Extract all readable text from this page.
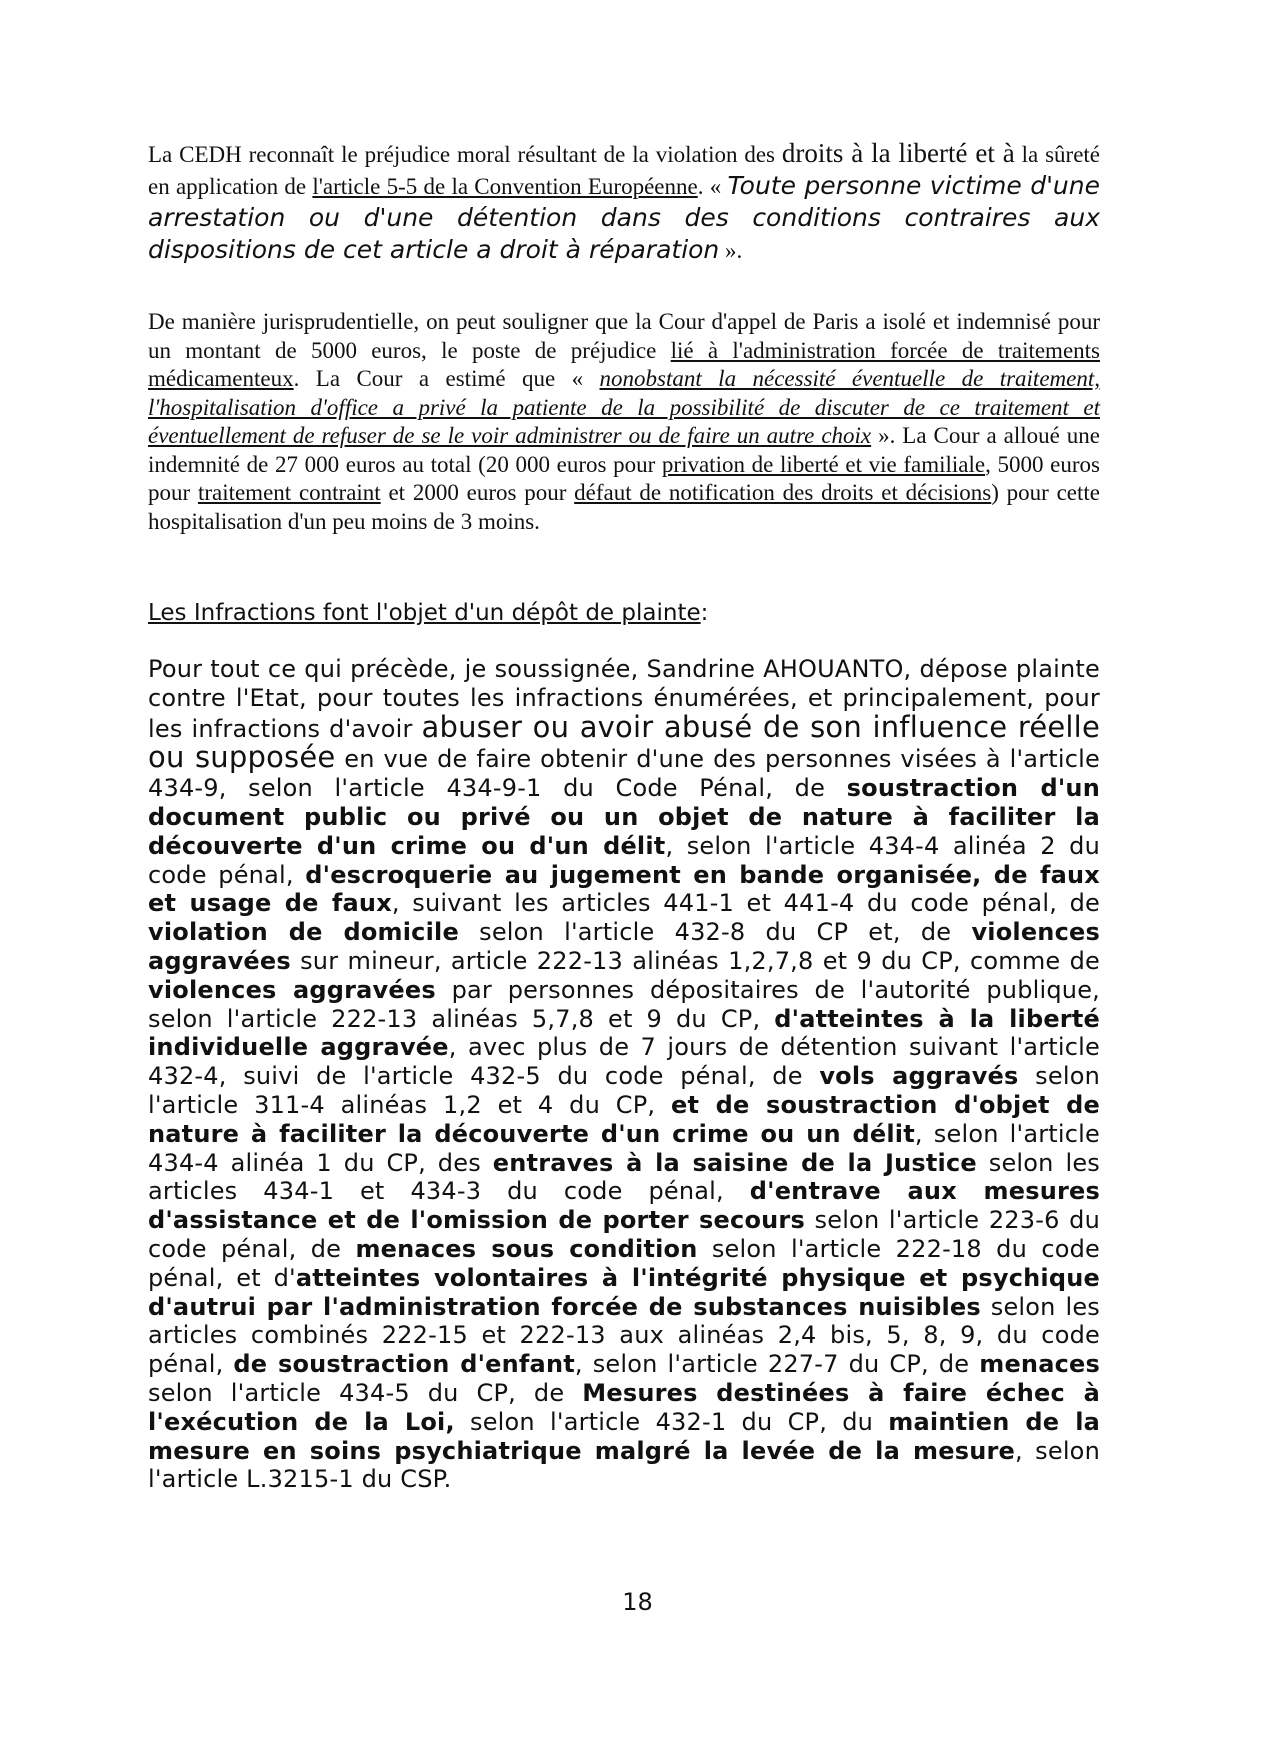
La CEDH reconnaît le préjudice moral résultant de la violation des droits à la liberté et à la sûreté en application de l'article 5-5 de la Convention Européenne. « Toute personne victime d'une arrestation ou d'une détention dans des conditions contraires aux dispositions de cet article a droit à réparation ».

De manière jurisprudentielle, on peut souligner que la Cour d'appel de Paris a isolé et indemnisé pour un montant de 5000 euros, le poste de préjudice lié à l'administration forcée de traitements médicamenteux. La Cour a estimé que « nonobstant la nécessité éventuelle de traitement, l'hospitalisation d'office a privé la patiente de la possibilité de discuter de ce traitement et éventuellement de refuser de se le voir administrer ou de faire un autre choix ». La Cour a alloué une indemnité de 27 000 euros au total (20 000 euros pour privation de liberté et vie familiale, 5000 euros pour traitement contraint et 2000 euros pour défaut de notification des droits et décisions) pour cette hospitalisation d'un peu moins de 3 moins.

Les Infractions font l'objet d'un dépôt de plainte:

Pour tout ce qui précède, je soussignée, Sandrine AHOUANTO, dépose plainte contre l'Etat, pour toutes les infractions énumérées, et principalement, pour les infractions d'avoir abuser ou avoir abusé de son influence réelle ou supposée en vue de faire obtenir d'une des personnes visées à l'article 434-9, selon l'article 434-9-1 du Code Pénal, de soustraction d'un document public ou privé ou un objet de nature à faciliter la découverte d'un crime ou d'un délit, selon l'article 434-4 alinéa 2 du code pénal, d'escroquerie au jugement en bande organisée, de faux et usage de faux, suivant les articles 441-1 et 441-4 du code pénal, de violation de domicile selon l'article 432-8 du CP et, de violences aggravées sur mineur, article 222-13 alinéas 1,2,7,8 et 9 du CP, comme de violences aggravées par personnes dépositaires de l'autorité publique, selon l'article 222-13 alinéas 5,7,8 et 9 du CP, d'atteintes à la liberté individuelle aggravée, avec plus de 7 jours de détention suivant l'article 432-4, suivi de l'article 432-5 du code pénal, de vols aggravés selon l'article 311-4 alinéas 1,2 et 4 du CP, et de soustraction d'objet de nature à faciliter la découverte d'un crime ou un délit, selon l'article 434-4 alinéa 1 du CP, des entraves à la saisine de la Justice selon les articles 434-1 et 434-3 du code pénal, d'entrave aux mesures d'assistance et de l'omission de porter secours selon l'article 223-6 du code pénal, de menaces sous condition selon l'article 222-18 du code pénal, et d'atteintes volontaires à l'intégrité physique et psychique d'autrui par l'administration forcée de substances nuisibles selon les articles combinés 222-15 et 222-13 aux alinéas 2,4 bis, 5, 8, 9, du code pénal, de soustraction d'enfant, selon l'article 227-7 du CP, de menaces selon l'article 434-5 du CP, de Mesures destinées à faire échec à l'exécution de la Loi, selon l'article 432-1 du CP, du maintien de la mesure en soins psychiatrique malgré la levée de la mesure, selon l'article L.3215-1 du CSP.

18
